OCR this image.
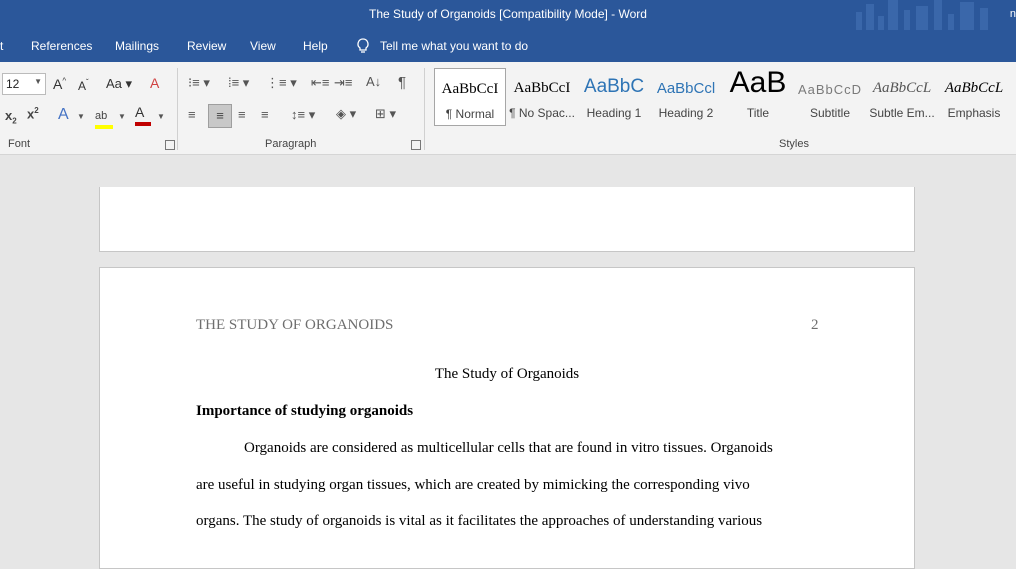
The Study of Organoids [Compatibility Mode] - Word	n
t References Mailings Review View Help	Tell me what you want to do
12 ▼ A^ $A^ˇ$ Aa ▾ A
$x_2$ $x^2$ A ▼ ab	▼ A	▼
Font
⁝≡ ▾ ⁞≡ ▾ ⋮≡ ▾ ⇤≡ ⇥≡ A↓ ¶
≡	≡	≡ ≡ ↕≡ ▾ ◈ ▾ ⊞ ▾
Paragraph
AaBbCcI
¶ Normal
AaBbCcI
¶ No Spac...
AaBbC
Heading 1
AaBbCcl
Heading 2
AaB
Title
AaBbCcD
Subtitle
AaBbCcL
Subtle Em...
AaBbCcL
Emphasis
Styles
THE STUDY OF ORGANOIDS	2
The Study of Organoids
Importance of studying organoids
Organoids are considered as multicellular cells that are found in vitro tissues. Organoids
are useful in studying organ tissues, which are created by mimicking the corresponding vivo
organs. The study of organoids is vital as it facilitates the approaches of understanding various
